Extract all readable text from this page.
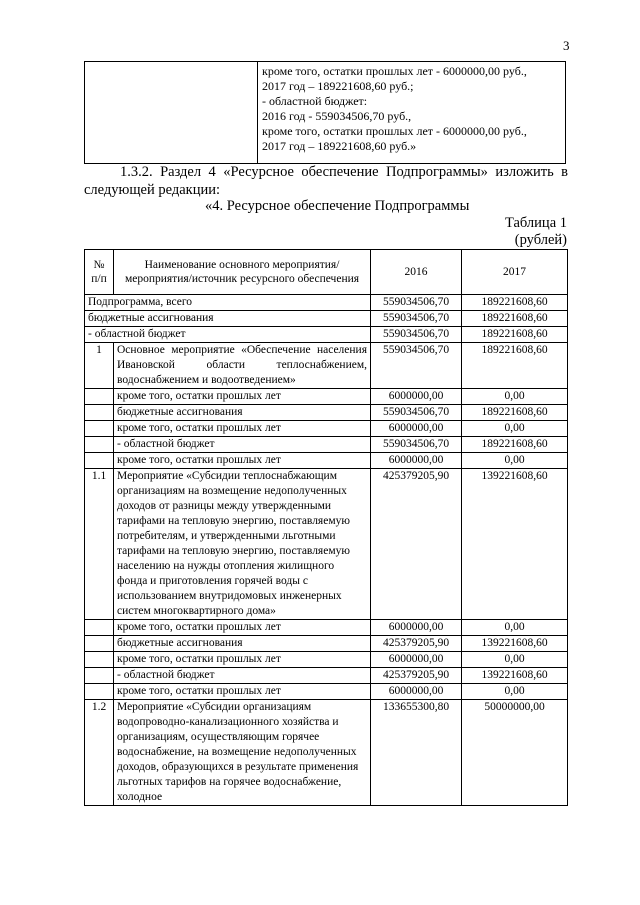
3

кроме того, остатки прошлых лет - 6000000,00 руб.,
2017 год – 189221608,60 руб.;
- областной бюджет:
2016 год - 559034506,70 руб.,
кроме того, остатки прошлых лет - 6000000,00 руб.,
2017 год – 189221608,60 руб.»
1.3.2. Раздел 4 «Ресурсное обеспечение Подпрограммы» изложить в следующей редакции:
«4. Ресурсное обеспечение Подпрограммы
Таблица 1
(рублей)
№ п/п	Наименование основного мероприятия/мероприятия/источник ресурсного обеспечения	2016	2017
Подпрограмма, всего		559034506,70	189221608,60
бюджетные ассигнования		559034506,70	189221608,60
- областной бюджет		559034506,70	189221608,60
1	Основное мероприятие «Обеспечение населения Ивановской области теплоснабжением, водоснабжением и водоотведением»	559034506,70	189221608,60
	кроме того, остатки прошлых лет	6000000,00	0,00
	бюджетные ассигнования	559034506,70	189221608,60
	кроме того, остатки прошлых лет	6000000,00	0,00
	- областной бюджет	559034506,70	189221608,60
	кроме того, остатки прошлых лет	6000000,00	0,00
1.1	Мероприятие «Субсидии теплоснабжающим организациям на возмещение недополученных доходов от разницы между утвержденными тарифами на тепловую энергию, поставляемую потребителям, и утвержденными льготными тарифами на тепловую энергию, поставляемую населению на нужды отопления жилищного фонда и приготовления горячей воды с использованием внутридомовых инженерных систем многоквартирного дома»	425379205,90	139221608,60
	кроме того, остатки прошлых лет	6000000,00	0,00
	бюджетные ассигнования	425379205,90	139221608,60
	кроме того, остатки прошлых лет	6000000,00	0,00
	- областной бюджет	425379205,90	139221608,60
	кроме того, остатки прошлых лет	6000000,00	0,00
1.2	Мероприятие «Субсидии организациям водопроводно-канализационного хозяйства и организациям, осуществляющим горячее водоснабжение, на возмещение недополученных доходов, образующихся в результате применения льготных тарифов на горячее водоснабжение, холодное	133655300,80	50000000,00
